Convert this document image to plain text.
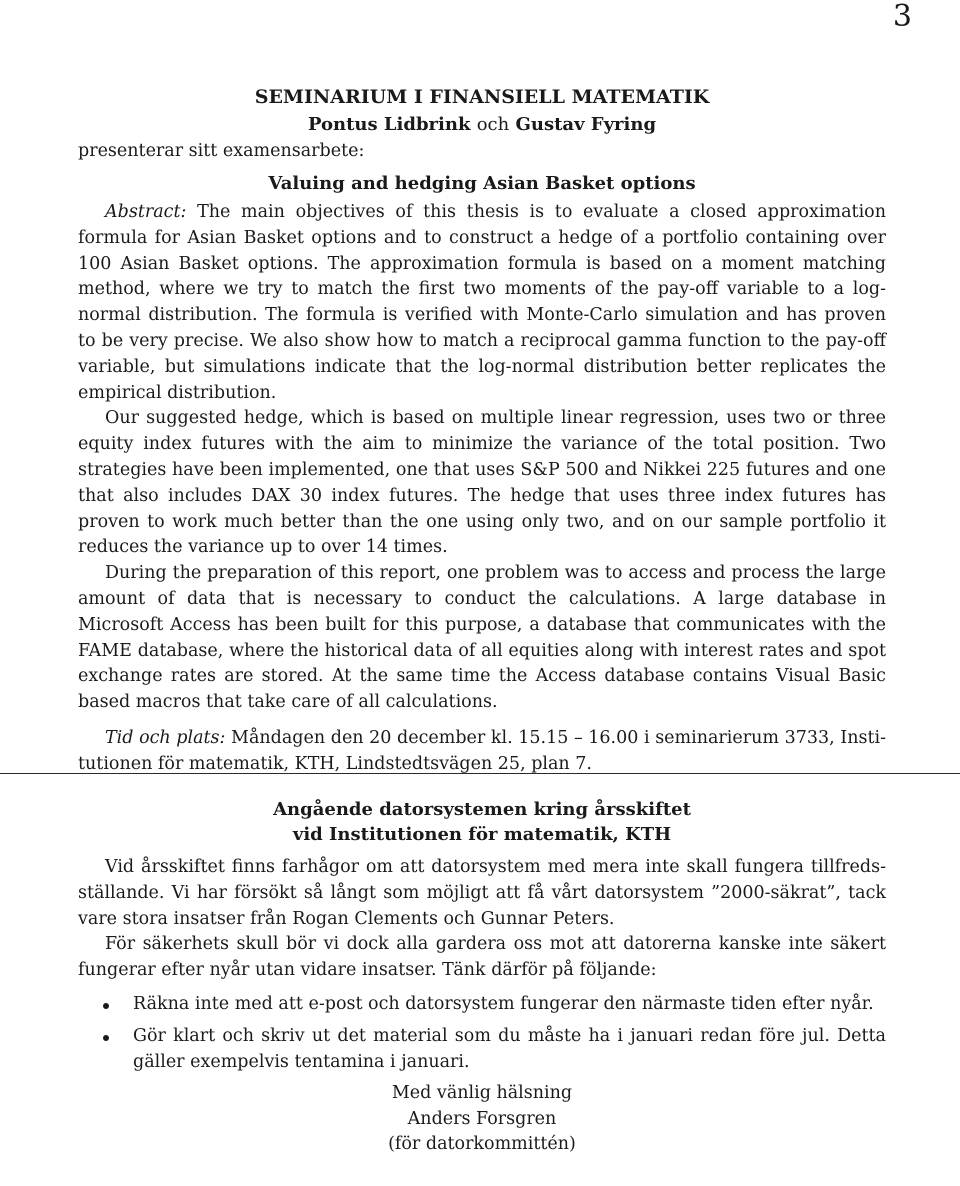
3
SEMINARIUM I FINANSIELL MATEMATIK

Pontus Lidbrink och Gustav Fyring

presenterar sitt examensarbete:

Valuing and hedging Asian Basket options

Abstract: The main objectives of this thesis is to evaluate a closed approximation formula for Asian Basket options and to construct a hedge of a portfolio containing over 100 Asian Basket options. The approximation formula is based on a moment matching method, where we try to match the first two moments of the pay-off variable to a log-normal distribution. The formula is verified with Monte-Carlo simulation and has proven to be very precise. We also show how to match a reciprocal gamma function to the pay-off variable, but simulations indicate that the log-normal distribution better replicates the empirical distribution.

Our suggested hedge, which is based on multiple linear regression, uses two or three equity index futures with the aim to minimize the variance of the total position. Two strategies have been implemented, one that uses S&P 500 and Nikkei 225 futures and one that also includes DAX 30 index futures. The hedge that uses three index futures has proven to work much better than the one using only two, and on our sample portfolio it reduces the variance up to over 14 times.

During the preparation of this report, one problem was to access and process the large amount of data that is necessary to conduct the calculations. A large database in Microsoft Access has been built for this purpose, a database that communicates with the FAME database, where the historical data of all equities along with interest rates and spot exchange rates are stored. At the same time the Access database contains Visual Basic based macros that take care of all calculations.

Tid och plats: Måndagen den 20 december kl. 15.15 – 16.00 i seminarierum 3733, Institutionen för matematik, KTH, Lindstedtsvägen 25, plan 7.

Angående datorsystemen kring årsskiftet
vid Institutionen för matematik, KTH

Vid årsskiftet finns farhågor om att datorsystem med mera inte skall fungera tillfredsställande. Vi har försökt så långt som möjligt att få vårt datorsystem ”2000-säkrat”, tack vare stora insatser från Rogan Clements och Gunnar Peters.

För säkerhets skull bör vi dock alla gardera oss mot att datorerna kanske inte säkert fungerar efter nyår utan vidare insatser. Tänk därför på följande:

Räkna inte med att e-post och datorsystem fungerar den närmaste tiden efter nyår.
Gör klart och skriv ut det material som du måste ha i januari redan före jul. Detta gäller exempelvis tentamina i januari.
Med vänlig hälsning
Anders Forsgren
(för datorkommittén)
